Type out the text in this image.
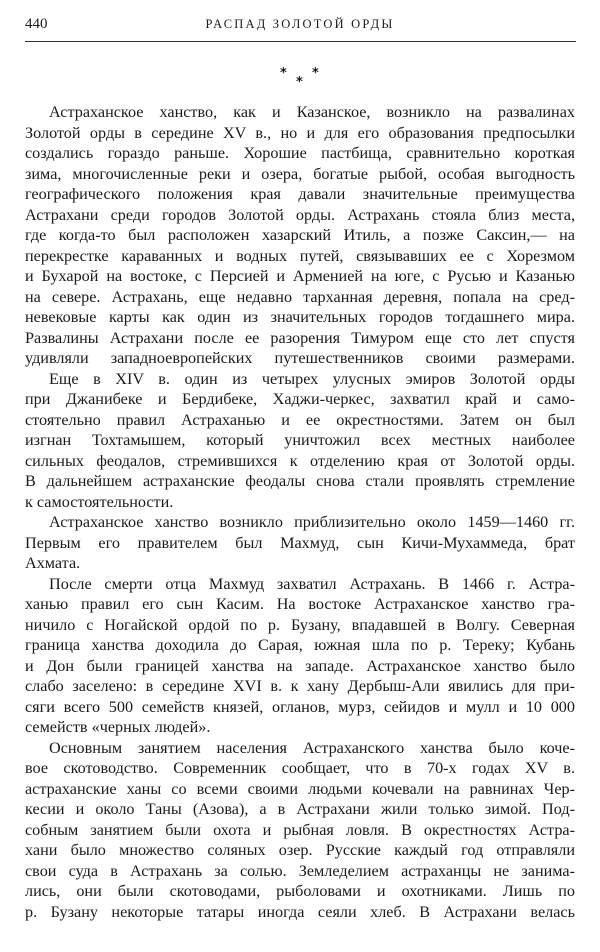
440	РАСПАД ЗОЛОТОЙ ОРДЫ
*
*
*
Астраханское ханство, как и Казанское, возникло на развалинах
Золотой орды в середине XV в., но и для его образования предпосылки
создались гораздо раньше. Хорошие пастбища, сравнительно короткая
зима, многочисленные реки и озера, богатые рыбой, особая выгодность
географического положения края давали значительные преимущества
Астрахани среди городов Золотой орды. Астрахань стояла близ места,
где когда-то был расположен хазарский Итиль, а позже Саксин,— на
перекрестке караванных и водных путей, связывавших ее с Хорезмом
и Бухарой на востоке, с Персией и Арменией на юге, с Русью и Казанью
на севере. Астрахань, еще недавно тарханная деревня, попала на сред-
невековые карты как один из значительных городов тогдашнего мира.
Развалины Астрахани после ее разорения Тимуром еще сто лет спустя
удивляли западноевропейских путешественников своими размерами.
Еще в XIV в. один из четырех улусных эмиров Золотой орды
при Джанибеке и Бердибеке, Хаджи-черкес, захватил край и само-
стоятельно правил Астраханью и ее окрестностями. Затем он был
изгнан Тохтамышем, который уничтожил всех местных наиболее
сильных феодалов, стремившихся к отделению края от Золотой орды.
В дальнейшем астраханские феодалы снова стали проявлять стремление
к самостоятельности.
Астраханское ханство возникло приблизительно около 1459—1460 гг.
Первым его правителем был Махмуд, сын Кичи-Мухаммеда, брат
Ахмата.
После смерти отца Махмуд захватил Астрахань. В 1466 г. Астра-
ханью правил его сын Касим. На востоке Астраханское ханство гра-
ничило с Ногайской ордой по р. Бузану, впадавшей в Волгу. Северная
граница ханства доходила до Сарая, южная шла по р. Тереку; Кубань
и Дон были границей ханства на западе. Астраханское ханство было
слабо заселено: в середине XVI в. к хану Дербыш-Али явились для при-
сяги всего 500 семейств князей, огланов, мурз, сейидов и мулл и 10 000
семейств «черных людей».
Основным занятием населения Астраханского ханства было коче-
вое скотоводство. Современник сообщает, что в 70-х годах XV в.
астраханские ханы со всеми своими людьми кочевали на равнинах Чер-
кесии и около Таны (Азова), а в Астрахани жили только зимой. Под-
собным занятием были охота и рыбная ловля. В окрестностях Астра-
хани было множество соляных озер. Русские каждый год отправляли
свои суда в Астрахань за солью. Земледелием астраханцы не занима-
лись, они были скотоводами, рыболовами и охотниками. Лишь по
р. Бузану некоторые татары иногда сеяли хлеб. В Астрахани велась
